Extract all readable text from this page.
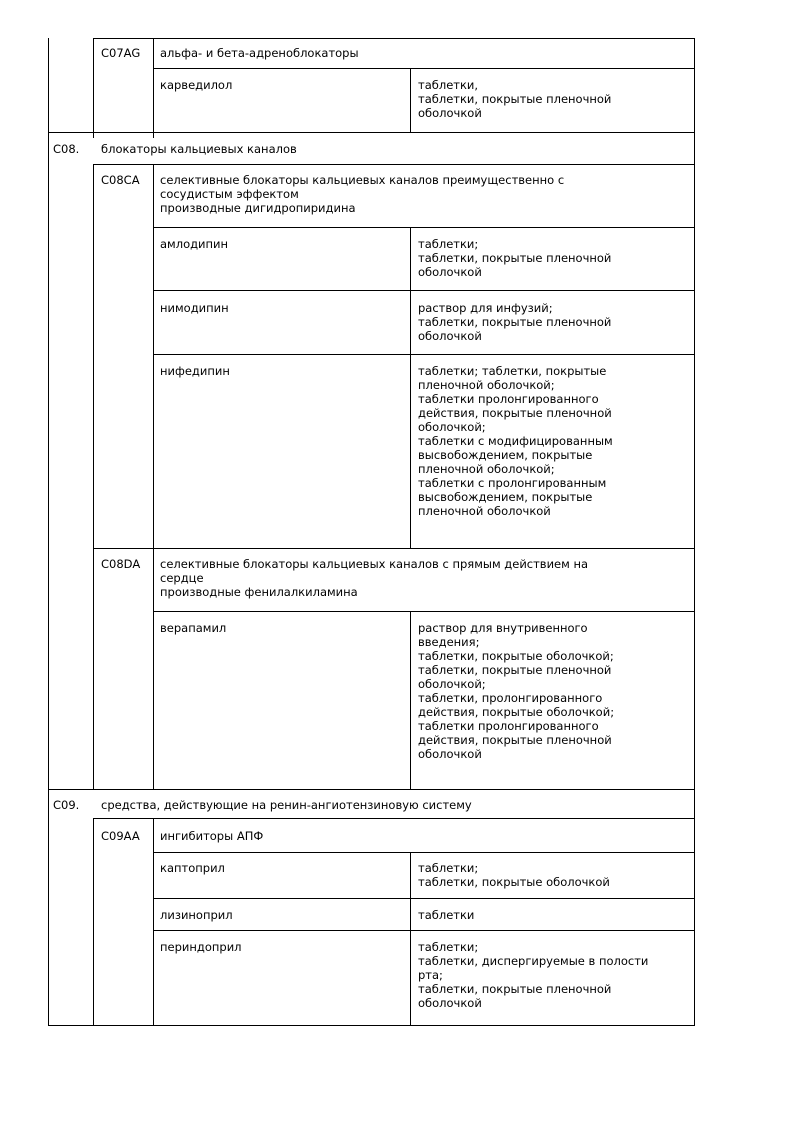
C07AG альфа- и бета-адреноблокаторы
карведилол	таблетки,
таблетки, покрытые пленочной
оболочкой
C08. блокаторы кальциевых каналов
C08CA селективные блокаторы кальциевых каналов преимущественно с
сосудистым эффектом
производные дигидропиридина
амлодипин	таблетки;
таблетки, покрытые пленочной
оболочкой
нимодипин	раствор для инфузий;
таблетки, покрытые пленочной
оболочкой
нифедипин	таблетки; таблетки, покрытые
пленочной оболочкой;
таблетки пролонгированного
действия, покрытые пленочной
оболочкой;
таблетки с модифицированным
высвобождением, покрытые
пленочной оболочкой;
таблетки с пролонгированным
высвобождением, покрытые
пленочной оболочкой
C08DA селективные блокаторы кальциевых каналов с прямым действием на
сердце
производные фенилалкиламина
верапамил	раствор для внутривенного
введения;
таблетки, покрытые оболочкой;
таблетки, покрытые пленочной
оболочкой;
таблетки, пролонгированного
действия, покрытые оболочкой;
таблетки пролонгированного
действия, покрытые пленочной
оболочкой
C09. средства, действующие на ренин-ангиотензиновую систему
C09AA ингибиторы АПФ
каптоприл	таблетки;
таблетки, покрытые оболочкой
лизиноприл	таблетки
периндоприл	таблетки;
таблетки, диспергируемые в полости
рта;
таблетки, покрытые пленочной
оболочкой
